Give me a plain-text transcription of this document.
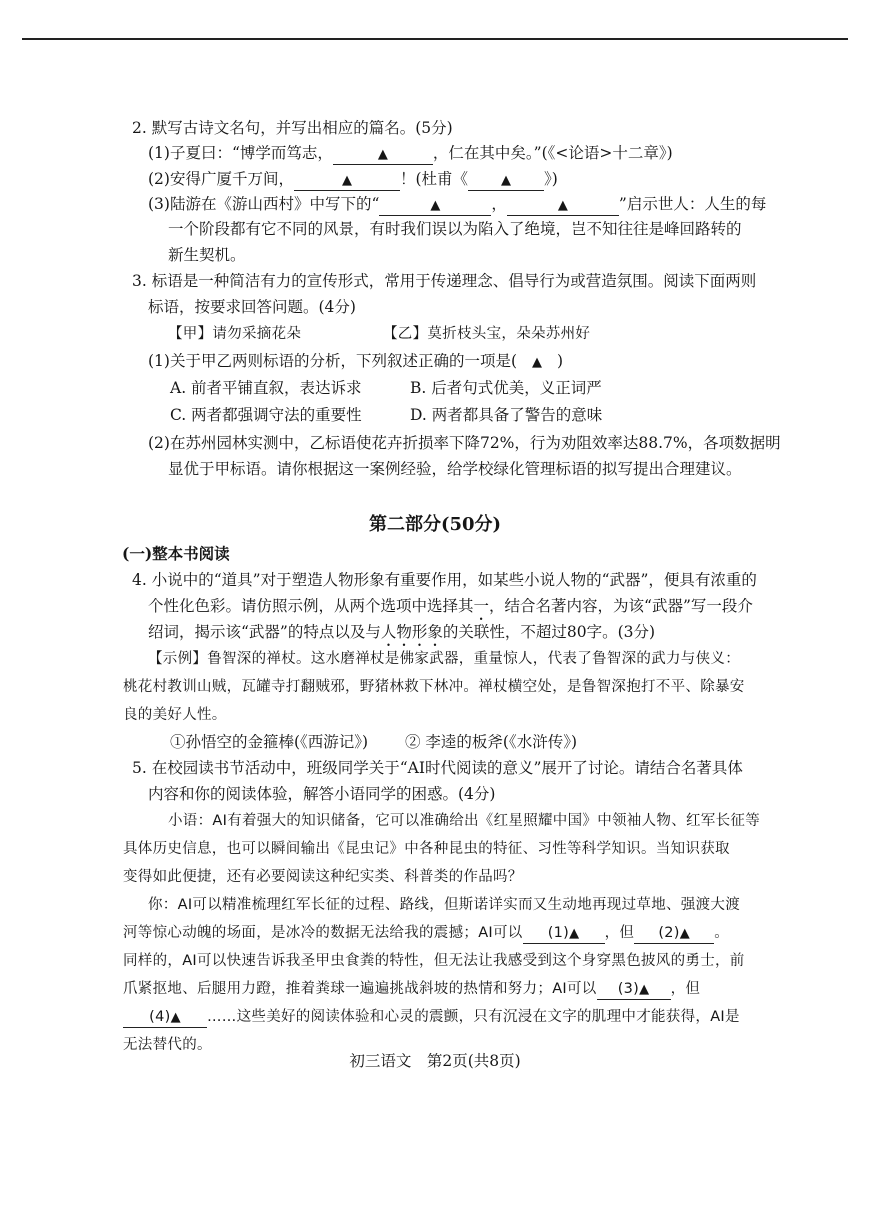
2. 默写古诗文名句，并写出相应的篇名。(5分)
(1)子夏曰：“博学而笃志，	▲	，仁在其中矣。”(《<论语>十二章》)
(2)安得广厦千万间，	▲	！(杜甫《	▲ 》)
(3)陆游在《游山西村》中写下的“	▲	，	▲	”启示世人：人生的每
一个阶段都有它不同的风景，有时我们误以为陷入了绝境，岂不知往往是峰回路转的
新生契机。
3. 标语是一种简洁有力的宣传形式，常用于传递理念、倡导行为或营造氛围。阅读下面两则
标语，按要求回答问题。(4分)
【甲】请勿采摘花朵	【乙】莫折枝头宝，朵朵苏州好
(1)关于甲乙两则标语的分析，下列叙述正确的一项是( ▲ )
A. 前者平铺直叙，表达诉求	B. 后者句式优美，义正词严
C. 两者都强调守法的重要性	D. 两者都具备了警告的意味
(2)在苏州园林实测中，乙标语使花卉折损率下降72%，行为劝阻效率达88.7%，各项数据明
显优于甲标语。请你根据这一案例经验，给学校绿化管理标语的拟写提出合理建议。
第二部分(50分)
(一)整本书阅读
4. 小说中的“道具”对于塑造人物形象有重要作用，如某些小说人物的“武器”，便具有浓重的
个性化色彩。请仿照示例，从两个选项中选择其一，结合名著内容，为该“武器”写一段介
绍词，揭示该“武器”的特点以及与人物形象的关联性，不超过80字。(3分)
【示例】鲁智深的禅杖。这水磨禅杖是佛家武器，重量惊人，代表了鲁智深的武力与侠义：
桃花村教训山贼，瓦罐寺打翻贼邪，野猪林救下林冲。禅杖横空处，是鲁智深抱打不平、除暴安
良的美好人性。
①孙悟空的金箍棒(《西游记》) ② 李逵的板斧(《水浒传》)
5. 在校园读书节活动中，班级同学关于“AI时代阅读的意义”展开了讨论。请结合名著具体
内容和你的阅读体验，解答小语同学的困惑。(4分)
小语：AI有着强大的知识储备，它可以准确给出《红星照耀中国》中领袖人物、红军长征等
具体历史信息，也可以瞬间输出《昆虫记》中各种昆虫的特征、习性等科学知识。当知识获取
变得如此便捷，还有必要阅读这种纪实类、科普类的作品吗？
你：AI可以精准梳理红军长征的过程、路线，但斯诺详实而又生动地再现过草地、强渡大渡
河等惊心动魄的场面，是冰冷的数据无法给我的震撼；AI可以 (1)▲ ，但 (2)▲ 。
同样的，AI可以快速告诉我圣甲虫食粪的特性，但无法让我感受到这个身穿黑色披风的勇士，前
爪紧抠地、后腿用力蹬，推着粪球一遍遍挑战斜坡的热情和努力；AI可以 (3)▲ ，但
(4)▲ ……这些美好的阅读体验和心灵的震颤，只有沉浸在文字的肌理中才能获得，AI是
无法替代的。
初三语文　第2页(共8页)
